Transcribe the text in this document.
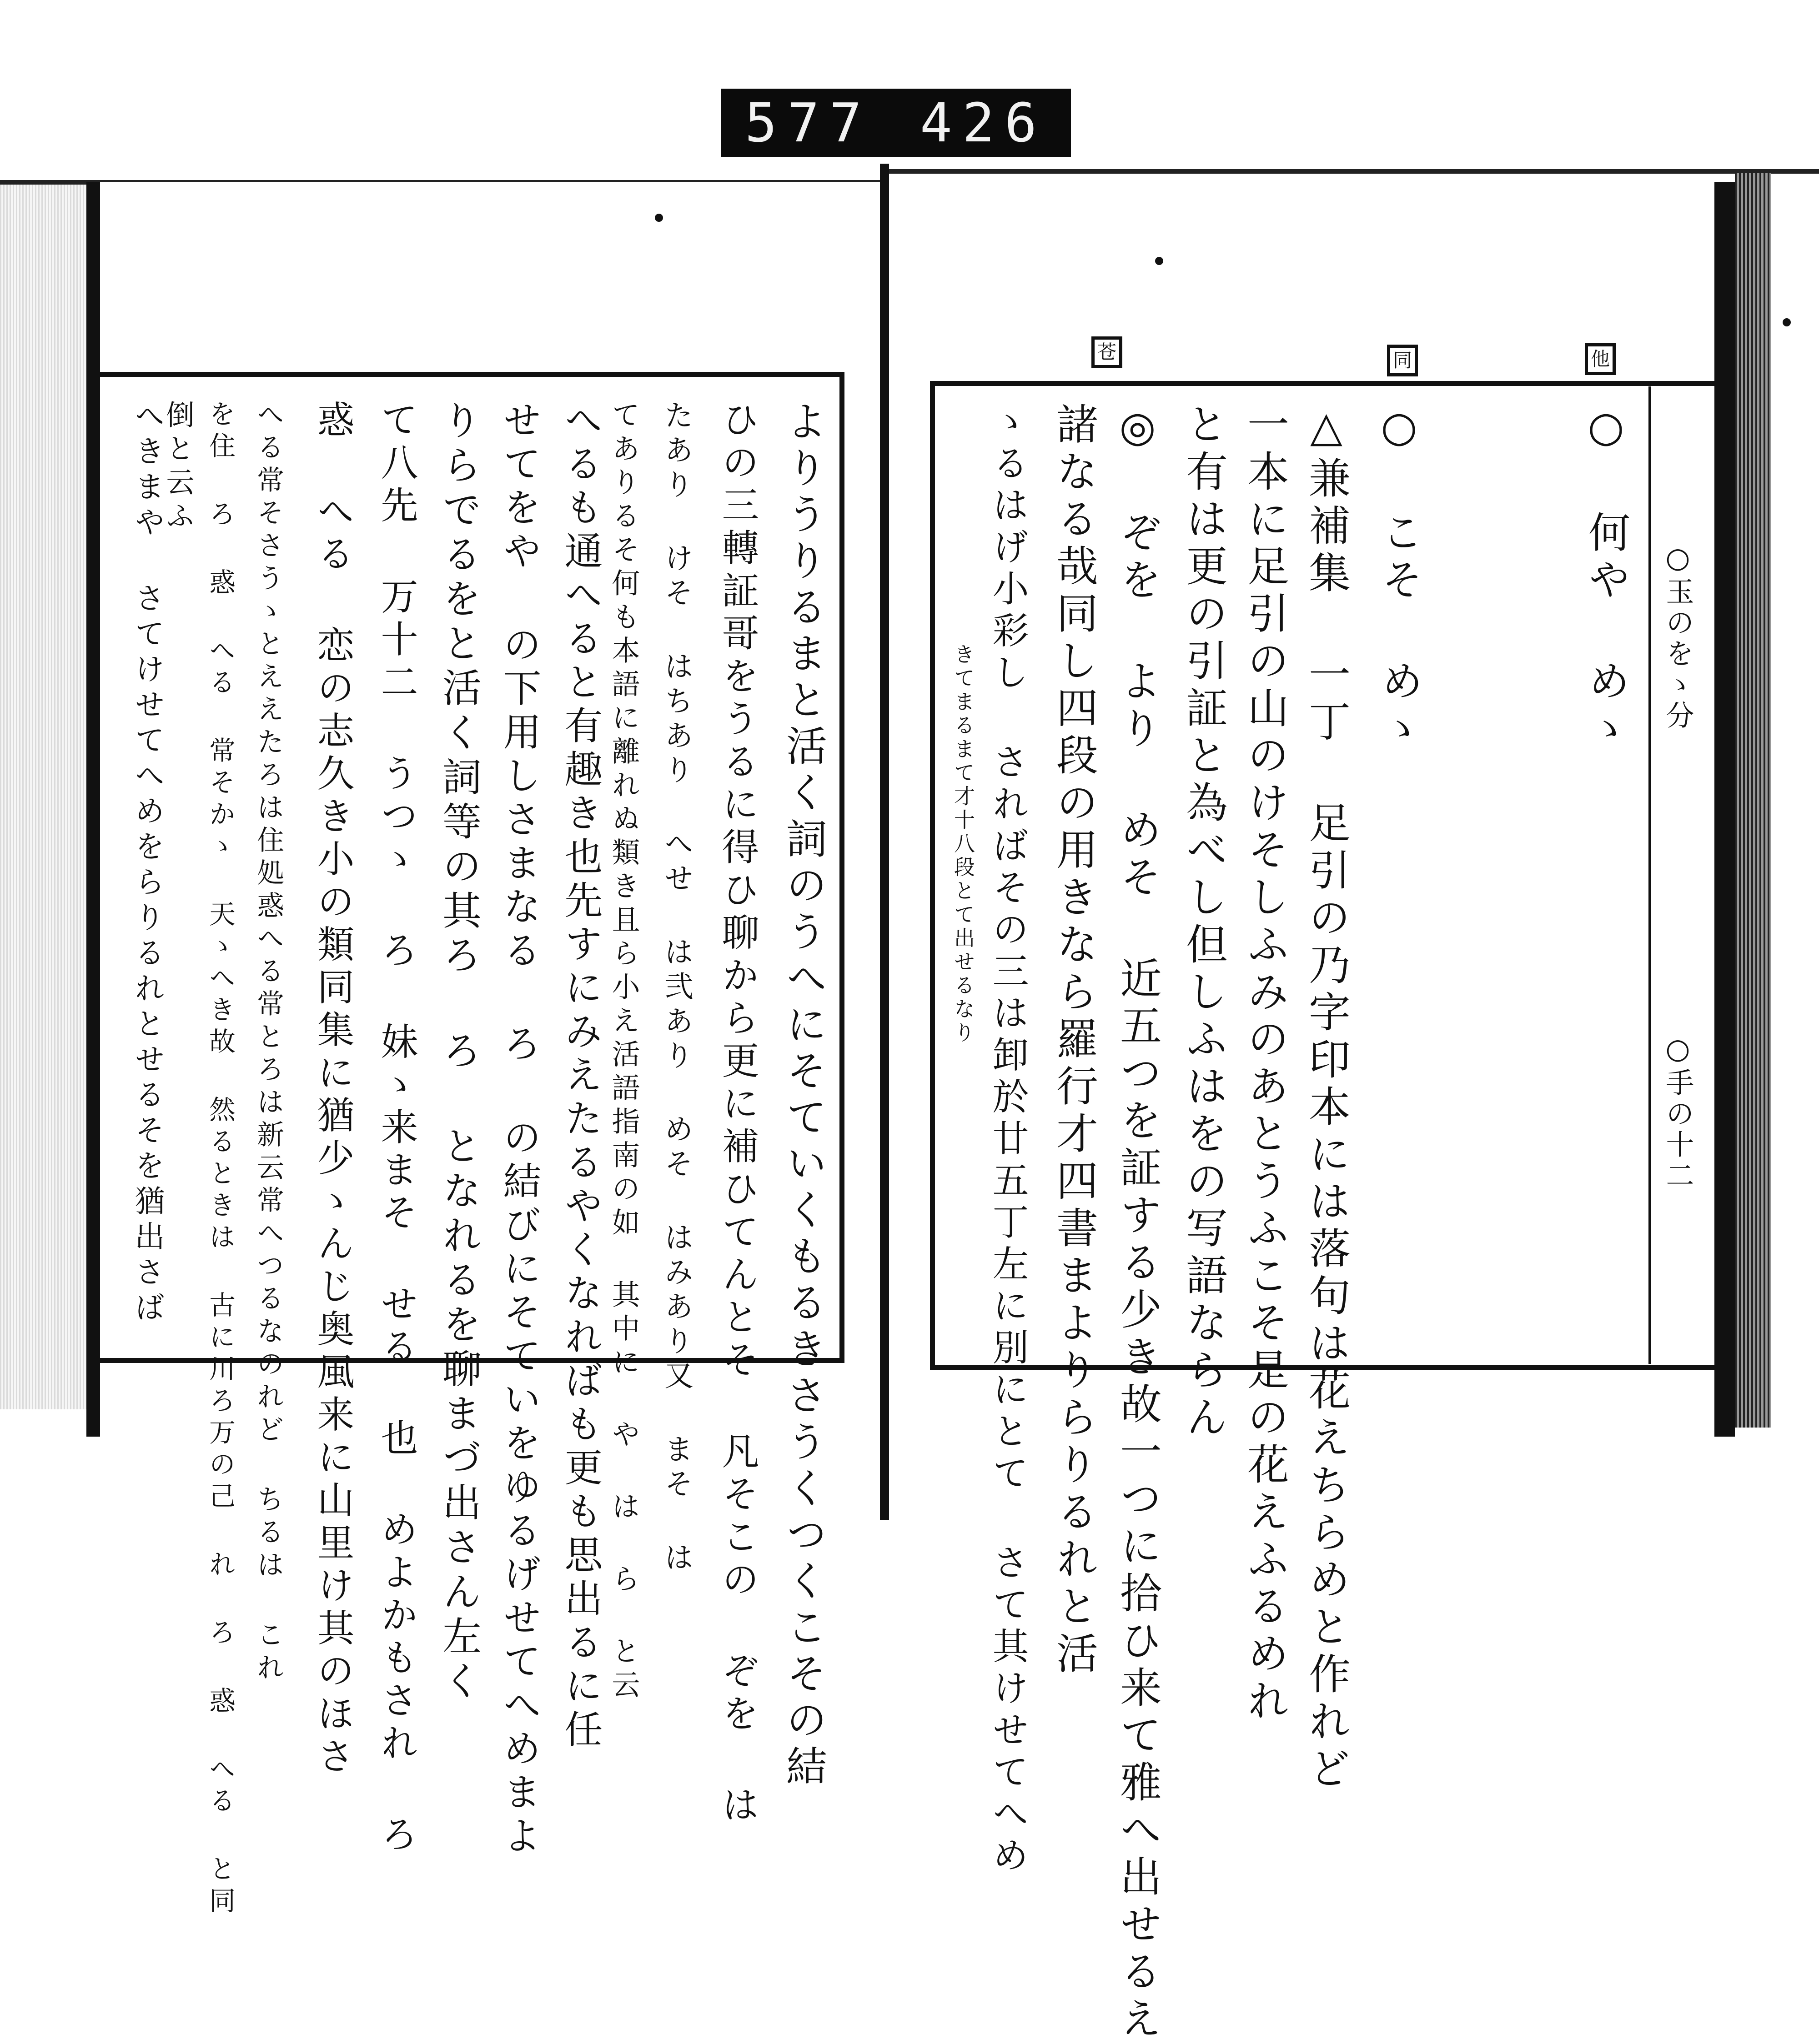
577 426
苍	同	他
○玉のをゝ分
○手の十二
○ 何や めゝ
○ こそ めゝ
△兼補集 一丁 足引の乃字印本には落句は花えちらめと作れど
一本に足引の山のけそしふみのあとうふこそ是の花えふるめれ
と有は更の引証と為べし但しふはをの写語ならん
◎ ぞを より めそ 近五つを証する少き故一つに拾ひ来て雅へ出せるえ
諸なる哉同し四段の用きなら羅行才四書まよりらりるれと活
ゝるはげ小彩し さればその三は卸於廿五丁左に別にとて さて其けせてへめ
きてまるまて才十八段とて出せるなり
よりうりるまと活く詞のうへにそていくもるきさうくつくこその結
ひの三轉証哥をうるに得ひ聊から更に補ひてんとそ 凡そこの ぞを は
たあり けそ はちあり へせ は弐あり めそ はみあり又 まそ は
てありるそ何も本語に離れぬ類き且ら小え活語指南の如 其中に や は ら と云
へるも通へると有趣き也先すにみえたるやくなればも更も思出るに任
せてをや の下用しさまなる ろ の結びにそていをゆるげせてへめまよ
りらでるをと活く詞等の其ろ ろ となれるを聊まづ出さん左く
て八先 万十二 うつゝ ろ 妹ゝ来まそ せる 也 めよかもされ ろ
惑 へる 恋の志久き小の類同集に猶少ゝんじ奥風来に山里け其のほさ
へる常そさうゝとええたろは住処惑へる常とろは新云常へつるなのれど ちるは これ
を住 ろ 惑 へる 常そかゝ 天ゝへき故 然るときは 古に川ろ万の己 れ ろ 惑 へる と同
倒と云ふ
へきまや さてけせてへめをらりるれとせるそを猶出さば
